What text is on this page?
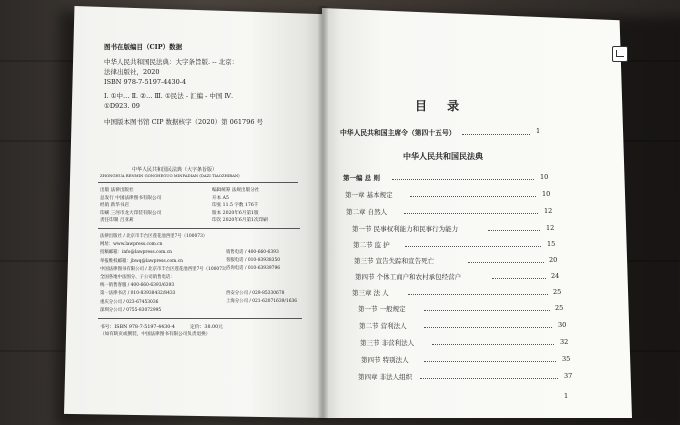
图书在版编目（CIP）数据
中华人民共和国民法典：大字条旨版. -- 北京：
法律出版社，2020
ISBN 978-7-5197-4430-4
Ⅰ. ①中… Ⅱ. ②… Ⅲ. ①民法 - 汇编 - 中国 Ⅳ.
①D923. 09
中国版本图书馆 CIP 数据核字（2020）第 061796 号
中华人民共和国民法典（大字条旨版）
ZHONGHUA RENMIN GONGHEGUO MINFADIAN (DAZI TIAOZHIBAN)
出版 法律出版社
总发行 中国法律图书有限公司
经销 新华书店
印刷 三河市龙大印装有限公司
责任印制 吕亚莉
编辑统筹 法规出版分社
开本 A5
印张 11.5 字数 176千
版本 2020年6月第1版
印次 2020年6月第1次印刷
法律出版社 / 北京市丰台区莲花池西里7号（100073）
网址：www.lawpress.com.cn
投稿邮箱：info@lawpress.com.cn
举报维权邮箱：jbwq@lawpress.com.cn
中国法律图书有限公司 / 北京市丰台区莲花池西里7号（100073）
全国各地中法图分、子公司销售电话：
统一销售客服 / 400-660-6393/6393
第一法律书店 / 010-83938432/8433
重庆分公司 / 023-67453036
深圳分公司 / 0755-83072995
销售电话 / 400-660-6393
客服电话 / 010-83938350
咨询电话 / 010-63939796
西安分公司 / 029-85330678
上海分公司 / 021-62071639/1636
书号：ISBN 978-7-5197-4430-4	定价：38.00元
（如有缺页或倒装，中国法律图书有限公司负责退换）
目 录
中华人民共和国主席令（第四十五号）	1
中华人民共和国民法典
第一编 总 则	10
第一章 基本规定	10
第二章 自然人	12
第一节 民事权利能力和民事行为能力	12
第二节 监 护	15
第三节 宣告失踪和宣告死亡	20
第四节 个体工商户和农村承包经营户	24
第三章 法 人	25
第一节 一般规定	25
第二节 营利法人	30
第三节 非营利法人	32
第四节 特别法人	35
第四章 非法人组织	37
1
